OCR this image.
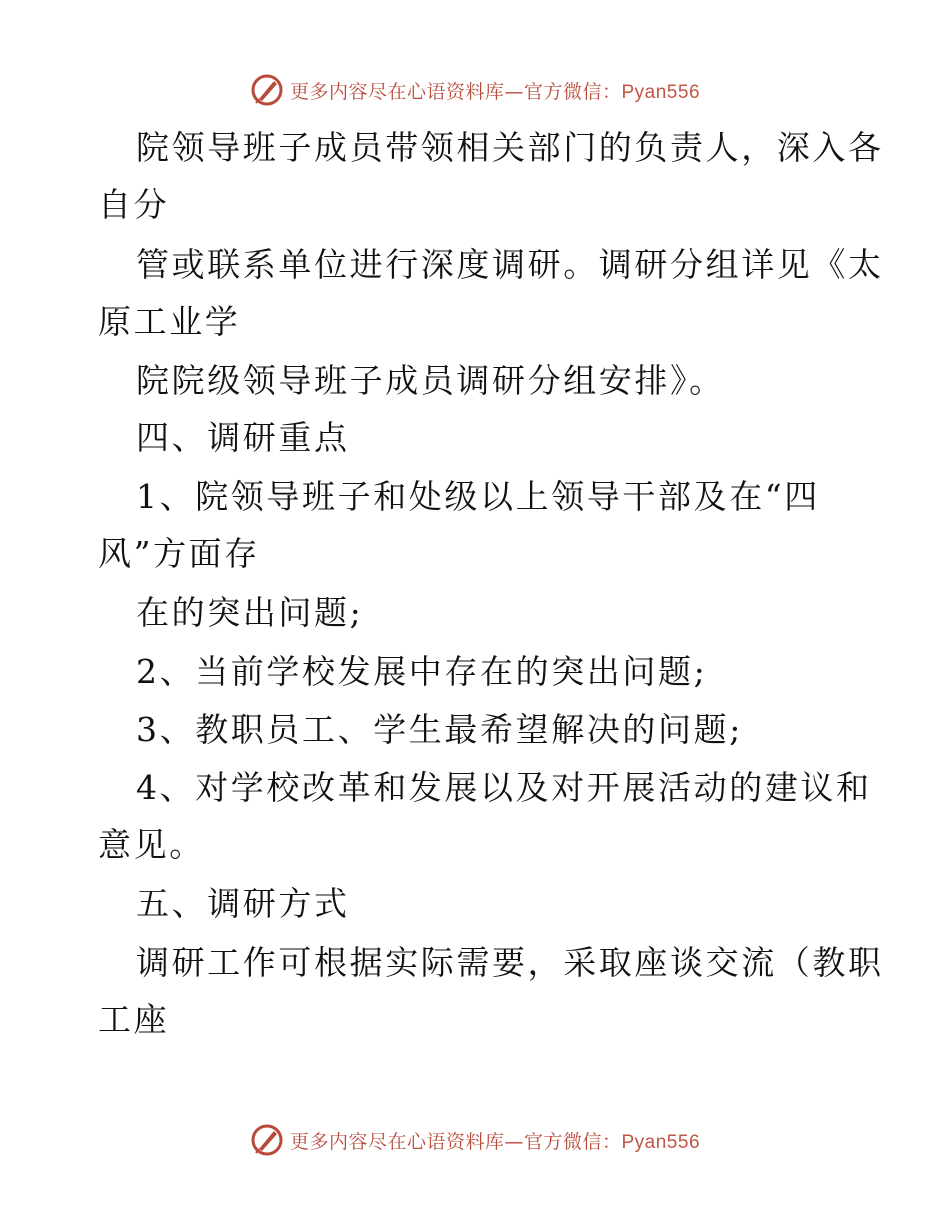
更多内容尽在心语资料库—官方微信：Pyan556
院领导班子成员带领相关部门的负责人，深入各
自分
管或联系单位进行深度调研。调研分组详见《太
原工业学
院院级领导班子成员调研分组安排》。
四、调研重点
1、院领导班子和处级以上领导干部及在“四
风”方面存
在的突出问题;
2、当前学校发展中存在的突出问题;
3、教职员工、学生最希望解决的问题;
4、对学校改革和发展以及对开展活动的建议和
意见。
五、调研方式
调研工作可根据实际需要，采取座谈交流（教职
工座
更多内容尽在心语资料库—官方微信：Pyan556
